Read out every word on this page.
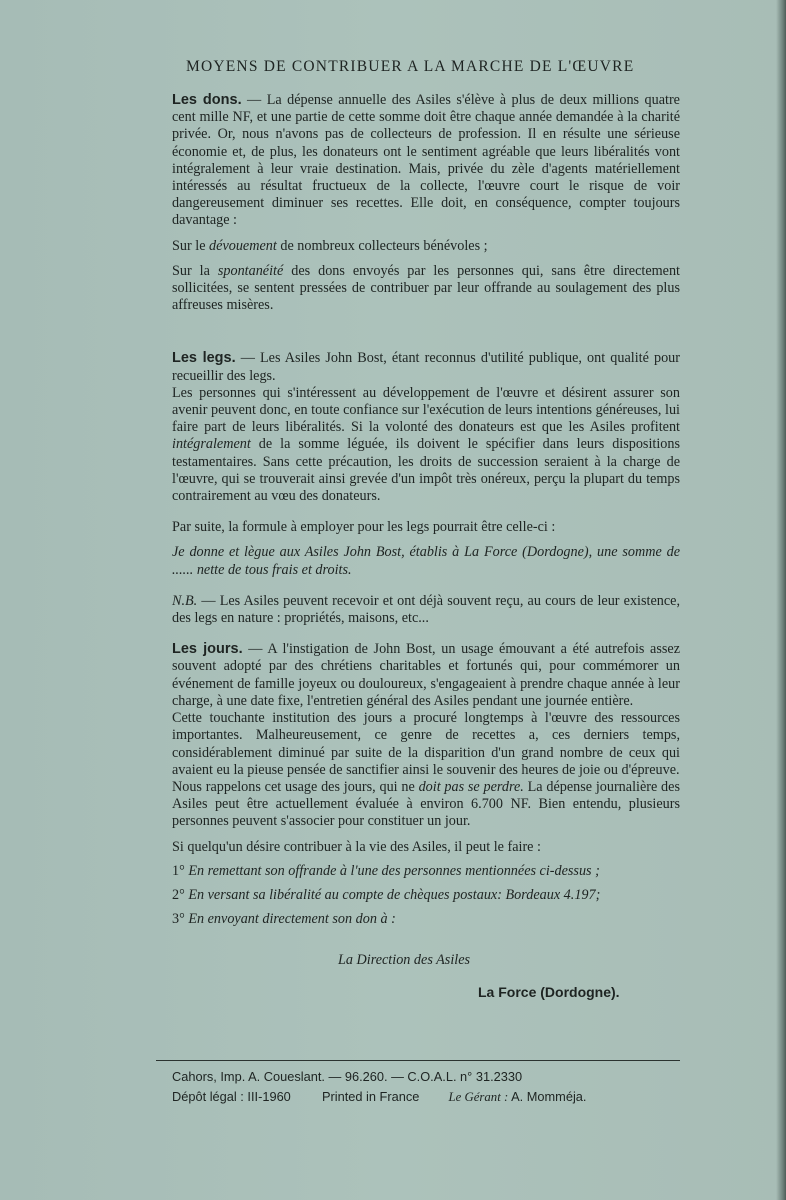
MOYENS DE CONTRIBUER A LA MARCHE DE L'ŒUVRE

Les dons. — La dépense annuelle des Asiles s'élève à plus de deux millions quatre cent mille NF, et une partie de cette somme doit être chaque année demandée à la charité privée. Or, nous n'avons pas de collecteurs de profession. Il en résulte une sérieuse économie et, de plus, les donateurs ont le sentiment agréable que leurs libéralités vont intégralement à leur vraie destination. Mais, privée du zèle d'agents matériellement intéressés au résultat fructueux de la collecte, l'œuvre court le risque de voir dangereusement diminuer ses recettes. Elle doit, en conséquence, compter toujours davantage :

Sur le dévouement de nombreux collecteurs bénévoles ;

Sur la spontanéité des dons envoyés par les personnes qui, sans être directement sollicitées, se sentent pressées de contribuer par leur offrande au soulagement des plus affreuses misères.

Les legs. — Les Asiles John Bost, étant reconnus d'utilité publique, ont qualité pour recueillir des legs.

Les personnes qui s'intéressent au développement de l'œuvre et désirent assurer son avenir peuvent donc, en toute confiance sur l'exécution de leurs intentions généreuses, lui faire part de leurs libéralités. Si la volonté des donateurs est que les Asiles profitent intégralement de la somme léguée, ils doivent le spécifier dans leurs dispositions testamentaires. Sans cette précaution, les droits de succession seraient à la charge de l'œuvre, qui se trouverait ainsi grevée d'un impôt très onéreux, perçu la plupart du temps contrairement au vœu des donateurs.

Par suite, la formule à employer pour les legs pourrait être celle-ci :

Je donne et lègue aux Asiles John Bost, établis à La Force (Dordogne), une somme de ...... nette de tous frais et droits.

N.B. — Les Asiles peuvent recevoir et ont déjà souvent reçu, au cours de leur existence, des legs en nature : propriétés, maisons, etc...

Les jours. — A l'instigation de John Bost, un usage émouvant a été autrefois assez souvent adopté par des chrétiens charitables et fortunés qui, pour commémorer un événement de famille joyeux ou douloureux, s'engageaient à prendre chaque année à leur charge, à une date fixe, l'entretien général des Asiles pendant une journée entière.

Cette touchante institution des jours a procuré longtemps à l'œuvre des ressources importantes. Malheureusement, ce genre de recettes a, ces derniers temps, considérablement diminué par suite de la disparition d'un grand nombre de ceux qui avaient eu la pieuse pensée de sanctifier ainsi le souvenir des heures de joie ou d'épreuve.

Nous rappelons cet usage des jours, qui ne doit pas se perdre. La dépense journalière des Asiles peut être actuellement évaluée à environ 6.700 NF. Bien entendu, plusieurs personnes peuvent s'associer pour constituer un jour.

Si quelqu'un désire contribuer à la vie des Asiles, il peut le faire :

1° En remettant son offrande à l'une des personnes mentionnées ci-dessus ;

2° En versant sa libéralité au compte de chèques postaux: Bordeaux 4.197;

3° En envoyant directement son don à :

La Direction des Asiles

La Force (Dordogne).

Cahors, Imp. A. Coueslant. — 96.260. — C.O.A.L. n° 31.2330
Dépôt légal : III-1960 Printed in France Le Gérant : A. Momméja.
